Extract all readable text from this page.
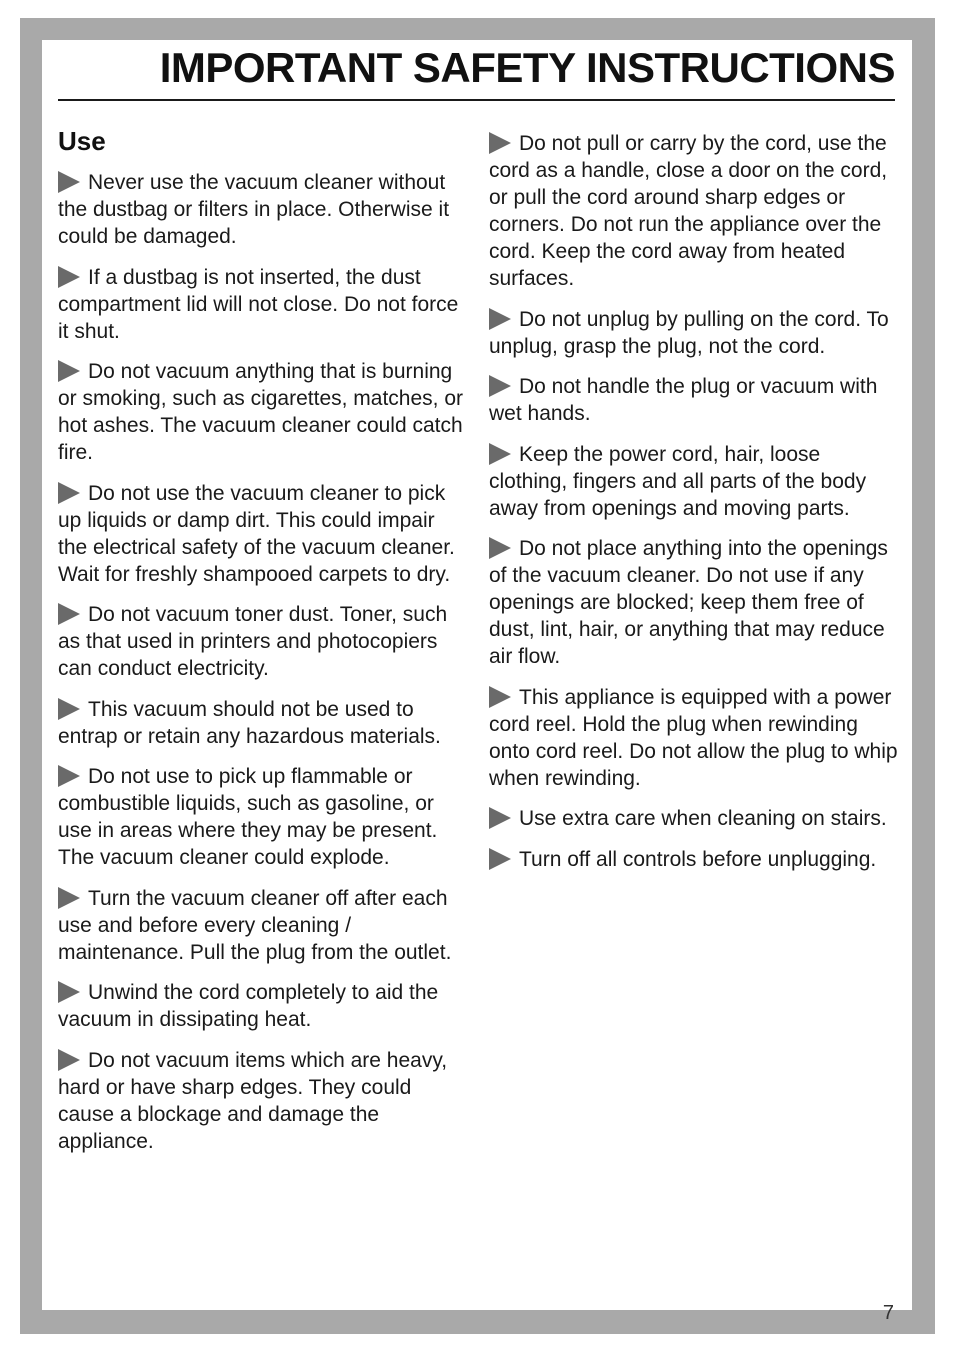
IMPORTANT SAFETY INSTRUCTIONS
Use

Never use the vacuum cleaner without the dustbag or filters in place. Otherwise it could be damaged.

If a dustbag is not inserted, the dust compartment lid will not close. Do not force it shut.

Do not vacuum anything that is burning or smoking, such as cigarettes, matches, or hot ashes. The vacuum cleaner could catch fire.

Do not use the vacuum cleaner to pick up liquids or damp dirt. This could impair the electrical safety of the vacuum cleaner. Wait for freshly shampooed carpets to dry.

Do not vacuum toner dust. Toner, such as that used in printers and photocopiers can conduct electricity.

This vacuum should not be used to entrap or retain any hazardous materials.

Do not use to pick up flammable or combustible liquids, such as gasoline, or use in areas where they may be present. The vacuum cleaner could explode.

Turn the vacuum cleaner off after each use and before every cleaning / maintenance. Pull the plug from the outlet.

Unwind the cord completely to aid the vacuum in dissipating heat.

Do not vacuum items which are heavy, hard or have sharp edges. They could cause a blockage and damage the appliance.

Do not pull or carry by the cord, use the cord as a handle, close a door on the cord, or pull the cord around sharp edges or corners. Do not run the appliance over the cord. Keep the cord away from heated surfaces.

Do not unplug by pulling on the cord. To unplug, grasp the plug, not the cord.

Do not handle the plug or vacuum with wet hands.

Keep the power cord, hair, loose clothing, fingers and all parts of the body away from openings and moving parts.

Do not place anything into the openings of the vacuum cleaner. Do not use if any openings are blocked; keep them free of dust, lint, hair, or anything that may reduce air flow.

This appliance is equipped with a power cord reel. Hold the plug when rewinding onto cord reel. Do not allow the plug to whip when rewinding.

Use extra care when cleaning on stairs.

Turn off all controls before unplugging.

7
